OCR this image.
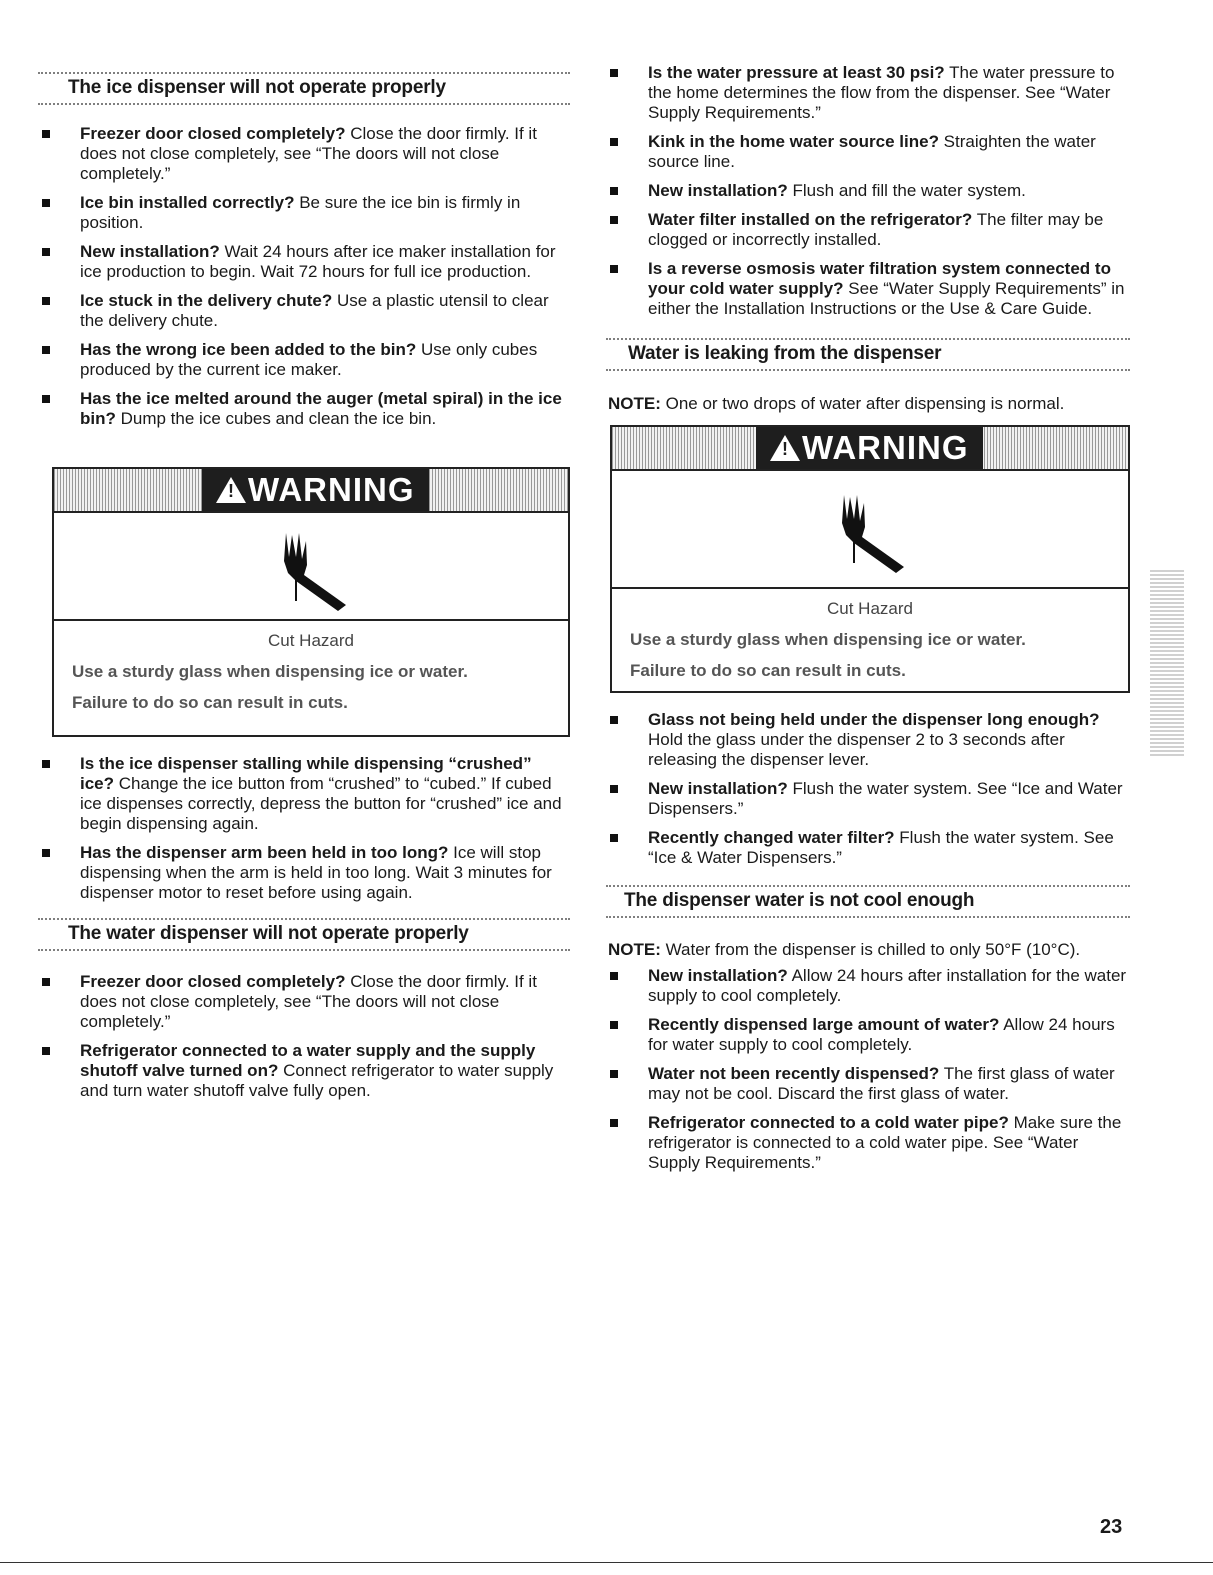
The ice dispenser will not operate properly
Freezer door closed completely? Close the door firmly. If it does not close completely, see “The doors will not close completely.”
Ice bin installed correctly? Be sure the ice bin is firmly in position.
New installation? Wait 24 hours after ice maker installation for ice production to begin. Wait 72 hours for full ice production.
Ice stuck in the delivery chute? Use a plastic utensil to clear the delivery chute.
Has the wrong ice been added to the bin? Use only cubes produced by the current ice maker.
Has the ice melted around the auger (metal spiral) in the ice bin? Dump the ice cubes and clean the ice bin.
!WARNING
Cut Hazard
Use a sturdy glass when dispensing ice or water.
Failure to do so can result in cuts.
Is the ice dispenser stalling while dispensing “crushed” ice? Change the ice button from “crushed” to “cubed.” If cubed ice dispenses correctly, depress the button for “crushed” ice and begin dispensing again.
Has the dispenser arm been held in too long? Ice will stop dispensing when the arm is held in too long. Wait 3 minutes for dispenser motor to reset before using again.
The water dispenser will not operate properly
Freezer door closed completely? Close the door firmly. If it does not close completely, see “The doors will not close completely.”
Refrigerator connected to a water supply and the supply shutoff valve turned on? Connect refrigerator to water supply and turn water shutoff valve fully open.
Is the water pressure at least 30 psi? The water pressure to the home determines the flow from the dispenser. See “Water Supply Requirements.”
Kink in the home water source line? Straighten the water source line.
New installation? Flush and fill the water system.
Water filter installed on the refrigerator? The filter may be clogged or incorrectly installed.
Is a reverse osmosis water filtration system connected to your cold water supply? See “Water Supply Requirements” in either the Installation Instructions or the Use & Care Guide.
Water is leaking from the dispenser

NOTE: One or two drops of water after dispensing is normal.

!WARNING
Cut Hazard
Use a sturdy glass when dispensing ice or water.
Failure to do so can result in cuts.
Glass not being held under the dispenser long enough? Hold the glass under the dispenser 2 to 3 seconds after releasing the dispenser lever.
New installation? Flush the water system. See “Ice and Water Dispensers.”
Recently changed water filter? Flush the water system. See “Ice & Water Dispensers.”
The dispenser water is not cool enough

NOTE: Water from the dispenser is chilled to only 50°F (10°C).

New installation? Allow 24 hours after installation for the water supply to cool completely.
Recently dispensed large amount of water? Allow 24 hours for water supply to cool completely.
Water not been recently dispensed? The first glass of water may not be cool. Discard the first glass of water.
Refrigerator connected to a cold water pipe? Make sure the refrigerator is connected to a cold water pipe. See “Water Supply Requirements.”
23
